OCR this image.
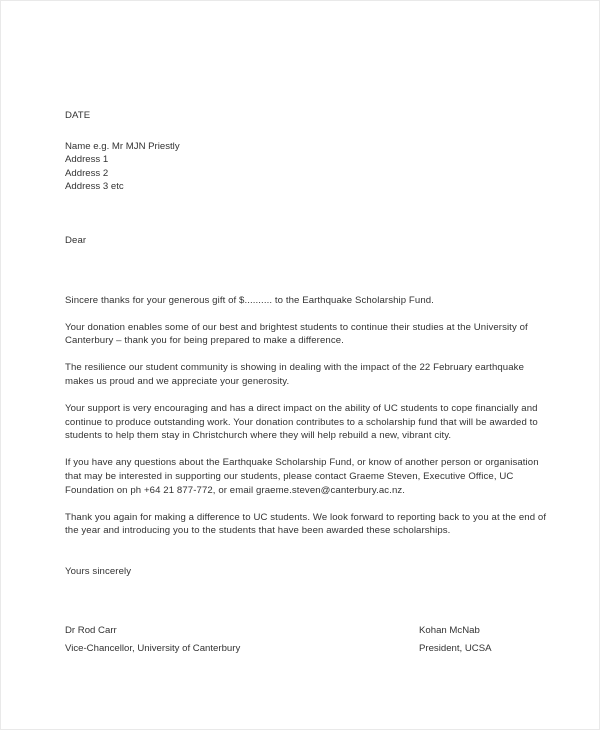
DATE
Name e.g. Mr MJN Priestly
Address 1
Address 2
Address 3 etc
Dear

Sincere thanks for your generous gift of $.......... to the Earthquake Scholarship Fund.

Your donation enables some of our best and brightest students to continue their studies at the University of Canterbury – thank you for being prepared to make a difference.

The resilience our student community is showing in dealing with the impact of the 22 February earthquake makes us proud and we appreciate your generosity.

Your support is very encouraging and has a direct impact on the ability of UC students to cope financially and continue to produce outstanding work. Your donation contributes to a scholarship fund that will be awarded to students to help them stay in Christchurch where they will help rebuild a new, vibrant city.

If you have any questions about the Earthquake Scholarship Fund, or know of another person or organisation that may be interested in supporting our students, please contact Graeme Steven, Executive Office, UC Foundation on ph +64 21 877-772, or email graeme.steven@canterbury.ac.nz.

Thank you again for making a difference to UC students. We look forward to reporting back to you at the end of the year and introducing you to the students that have been awarded these scholarships.

Yours sincerely
Dr Rod Carr
Vice-Chancellor, University of Canterbury
Kohan McNab
President, UCSA
